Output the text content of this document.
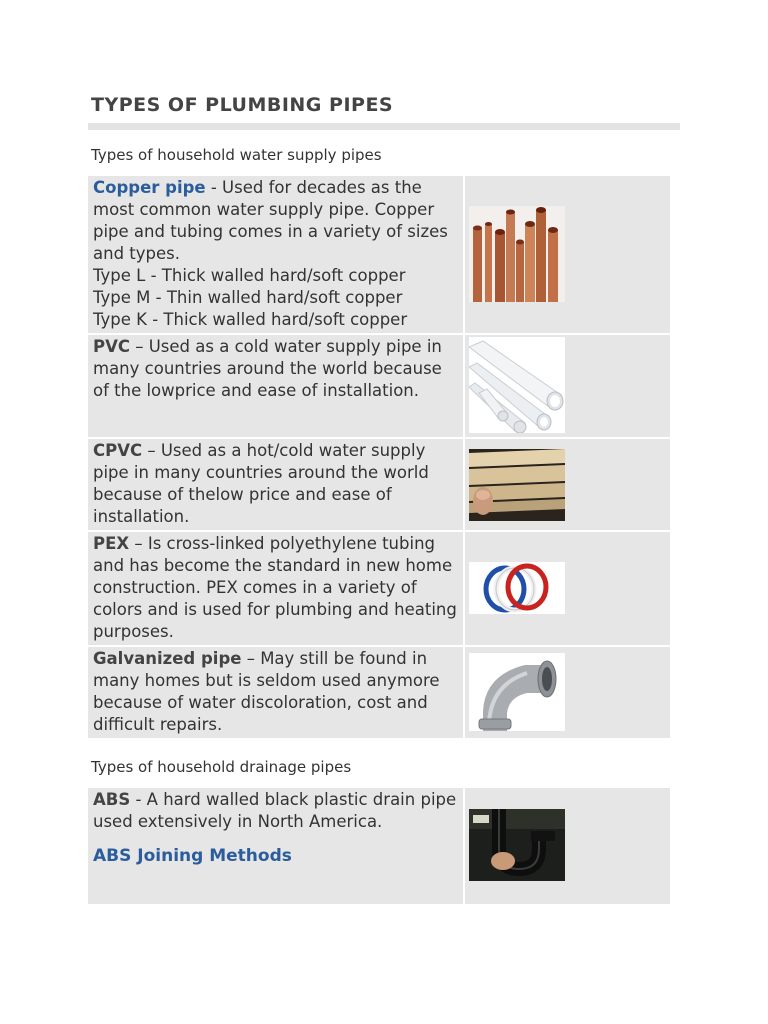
TYPES OF PLUMBING PIPES
Types of household water supply pipes

Copper pipe - Used for decades as the most common water supply pipe. Copper pipe and tubing comes in a variety of sizes and types.

Type L - Thick walled hard/soft copper

Type M - Thin walled hard/soft copper

Type K - Thick walled hard/soft copper

PVC – Used as a cold water supply pipe in many countries around the world because of the lowprice and ease of installation.

CPVC – Used as a hot/cold water supply pipe in many countries around the world because of thelow price and ease of installation.

PEX – Is cross-linked polyethylene tubing and has become the standard in new home construction. PEX comes in a variety of colors and is used for plumbing and heating purposes.

Galvanized pipe – May still be found in many homes but is seldom used anymore because of water discoloration, cost and difficult repairs.

Types of household drainage pipes

ABS - A hard walled black plastic drain pipe used extensively in North America.

ABS Joining Methods
